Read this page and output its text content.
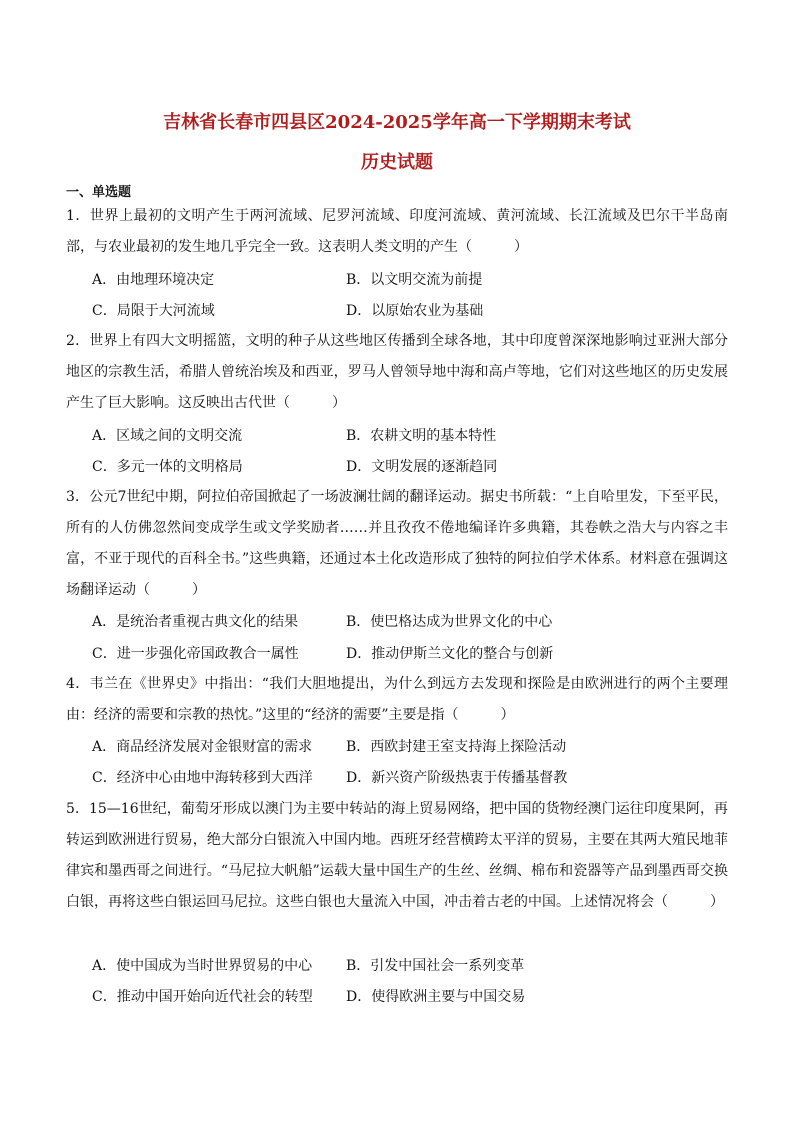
吉林省长春市四县区2024-2025学年高一下学期期末考试
历史试题
一、单选题
1．世界上最初的文明产生于两河流域、尼罗河流域、印度河流域、黄河流域、长江流域及巴尔干半岛南部，与农业最初的发生地几乎完全一致。这表明人类文明的产生（　　　）
A．由地理环境决定	B．以文明交流为前提
C．局限于大河流域	D．以原始农业为基础
2．世界上有四大文明摇篮，文明的种子从这些地区传播到全球各地，其中印度曾深深地影响过亚洲大部分地区的宗教生活，希腊人曾统治埃及和西亚，罗马人曾领导地中海和高卢等地，它们对这些地区的历史发展产生了巨大影响。这反映出古代世（　　　）
A．区域之间的文明交流	B．农耕文明的基本特性
C．多元一体的文明格局	D．文明发展的逐渐趋同
3．公元7世纪中期，阿拉伯帝国掀起了一场波澜壮阔的翻译运动。据史书所载：“上自哈里发，下至平民，所有的人仿佛忽然间变成学生或文学奖励者……并且孜孜不倦地编译许多典籍，其卷帙之浩大与内容之丰富，不亚于现代的百科全书。”这些典籍，还通过本土化改造形成了独特的阿拉伯学术体系。材料意在强调这场翻译运动（　　　）
A．是统治者重视古典文化的结果	B．使巴格达成为世界文化的中心
C．进一步强化帝国政教合一属性	D．推动伊斯兰文化的整合与创新
4．韦兰在《世界史》中指出：“我们大胆地提出，为什么到远方去发现和探险是由欧洲进行的两个主要理由：经济的需要和宗教的热忱。”这里的“经济的需要”主要是指（　　　）
A．商品经济发展对金银财富的需求 B．西欧封建王室支持海上探险活动
C．经济中心由地中海转移到大西洋 D．新兴资产阶级热衷于传播基督教
5．15—16世纪，葡萄牙形成以澳门为主要中转站的海上贸易网络，把中国的货物经澳门运往印度果阿，再转运到欧洲进行贸易，绝大部分白银流入中国内地。西班牙经营横跨太平洋的贸易，主要在其两大殖民地菲律宾和墨西哥之间进行。“马尼拉大帆船”运载大量中国生产的生丝、丝绸、棉布和瓷器等产品到墨西哥交换白银，再将这些白银运回马尼拉。这些白银也大量流入中国，冲击着古老的中国。上述情况将会（　　　）
A．使中国成为当时世界贸易的中心 B．引发中国社会一系列变革
C．推动中国开始向近代社会的转型 D．使得欧洲主要与中国交易
